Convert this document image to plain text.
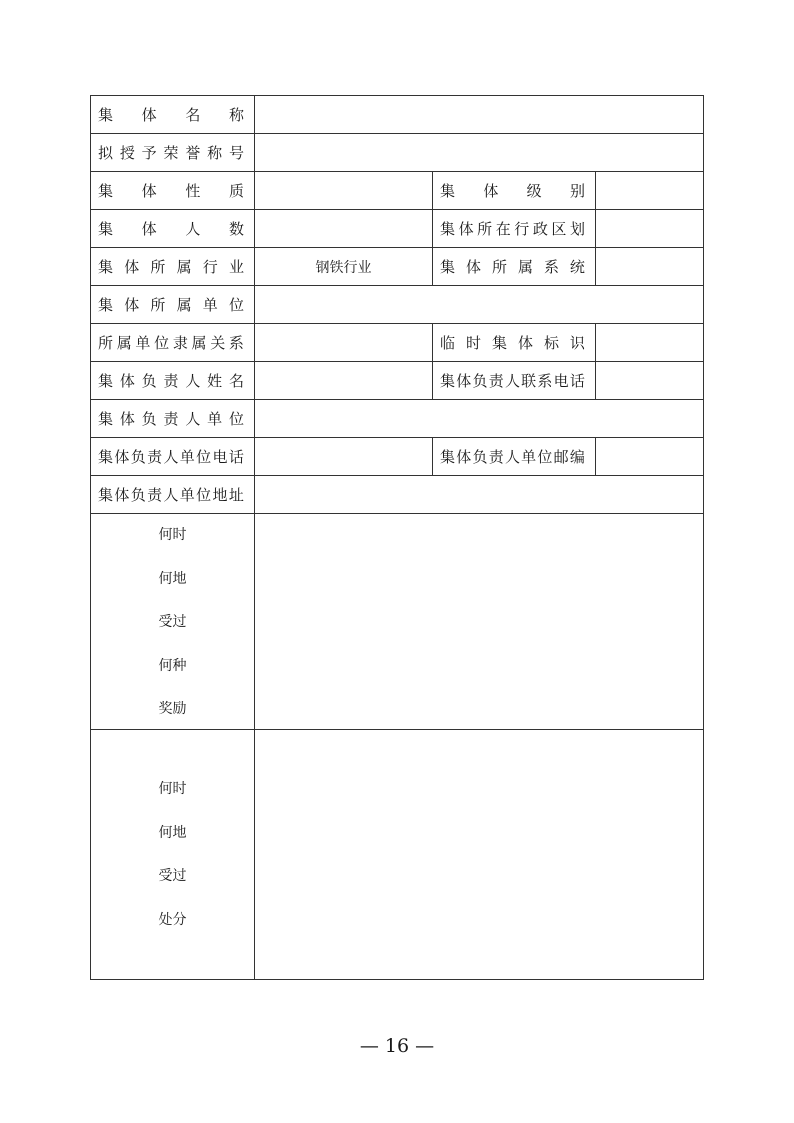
集 体 名 称
拟 授 予 荣 誉 称 号
集 体 性 质	集 体 级 别
集 体 人 数	集 体 所 在 行 政 区 划
集 体 所 属 行 业	钢铁行业	集 体 所 属 系 统
集 体 所 属 单 位
所 属 单 位 隶 属 关 系	临 时 集 体 标 识
集 体 负 责 人 姓 名	集 体 负 责 人 联 系 电 话
集 体 负 责 人 单 位
集 体 负 责 人 单 位 电 话	集 体 负 责 人 单 位 邮 编
集 体 负 责 人 单 位 地 址
何时
何地
受过
何种
奖励
何时
何地
受过
处分
— 16 —
